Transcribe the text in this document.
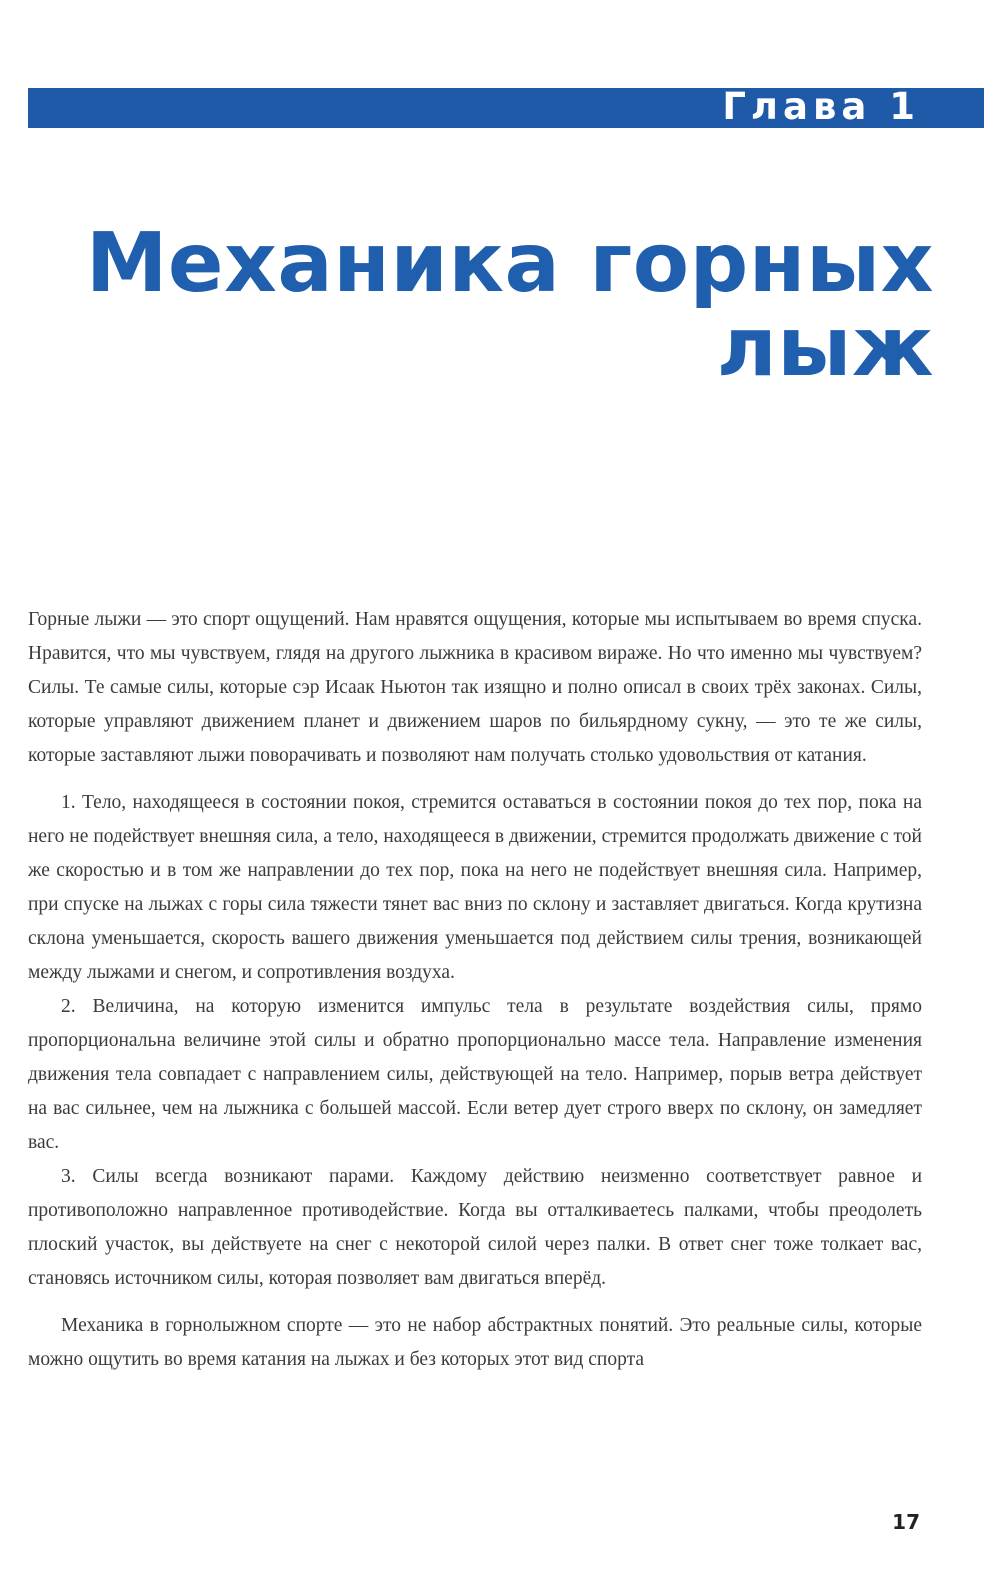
Глава 1
Механика горных
лыж

Горные лыжи — это спорт ощущений. Нам нравятся ощущения, которые мы испытываем во время спуска. Нравится, что мы чувствуем, глядя на другого лыжника в красивом вираже. Но что именно мы чувствуем? Силы. Те самые силы, которые сэр Исаак Ньютон так изящно и полно описал в своих трёх законах. Силы, которые управляют движением планет и движением шаров по бильярдному сукну, — это те же силы, которые заставляют лыжи поворачивать и позволяют нам получать столько удовольствия от катания.

1. Тело, находящееся в состоянии покоя, стремится оставаться в состоянии покоя до тех пор, пока на него не подействует внешняя сила, а тело, находящееся в движении, стремится продолжать движение с той же скоростью и в том же направлении до тех пор, пока на него не подействует внешняя сила. Например, при спуске на лыжах с горы сила тяжести тянет вас вниз по склону и заставляет двигаться. Когда крутизна склона уменьшается, скорость вашего движения уменьшается под действием силы трения, возникающей между лыжами и снегом, и сопротивления воздуха.

2. Величина, на которую изменится импульс тела в результате воздействия силы, прямо пропорциональна величине этой силы и обратно пропорционально массе тела. Направление изменения движения тела совпадает с направлением силы, действующей на тело. Например, порыв ветра действует на вас сильнее, чем на лыжника с большей массой. Если ветер дует строго вверх по склону, он замедляет вас.

3. Силы всегда возникают парами. Каждому действию неизменно соответствует равное и противоположно направленное противодействие. Когда вы отталкиваетесь палками, чтобы преодолеть плоский участок, вы действуете на снег с некоторой силой через палки. В ответ снег тоже толкает вас, становясь источником силы, которая позволяет вам двигаться вперёд.

Механика в горнолыжном спорте — это не набор абстрактных понятий. Это реальные силы, которые можно ощутить во время катания на лыжах и без которых этот вид спорта

17
